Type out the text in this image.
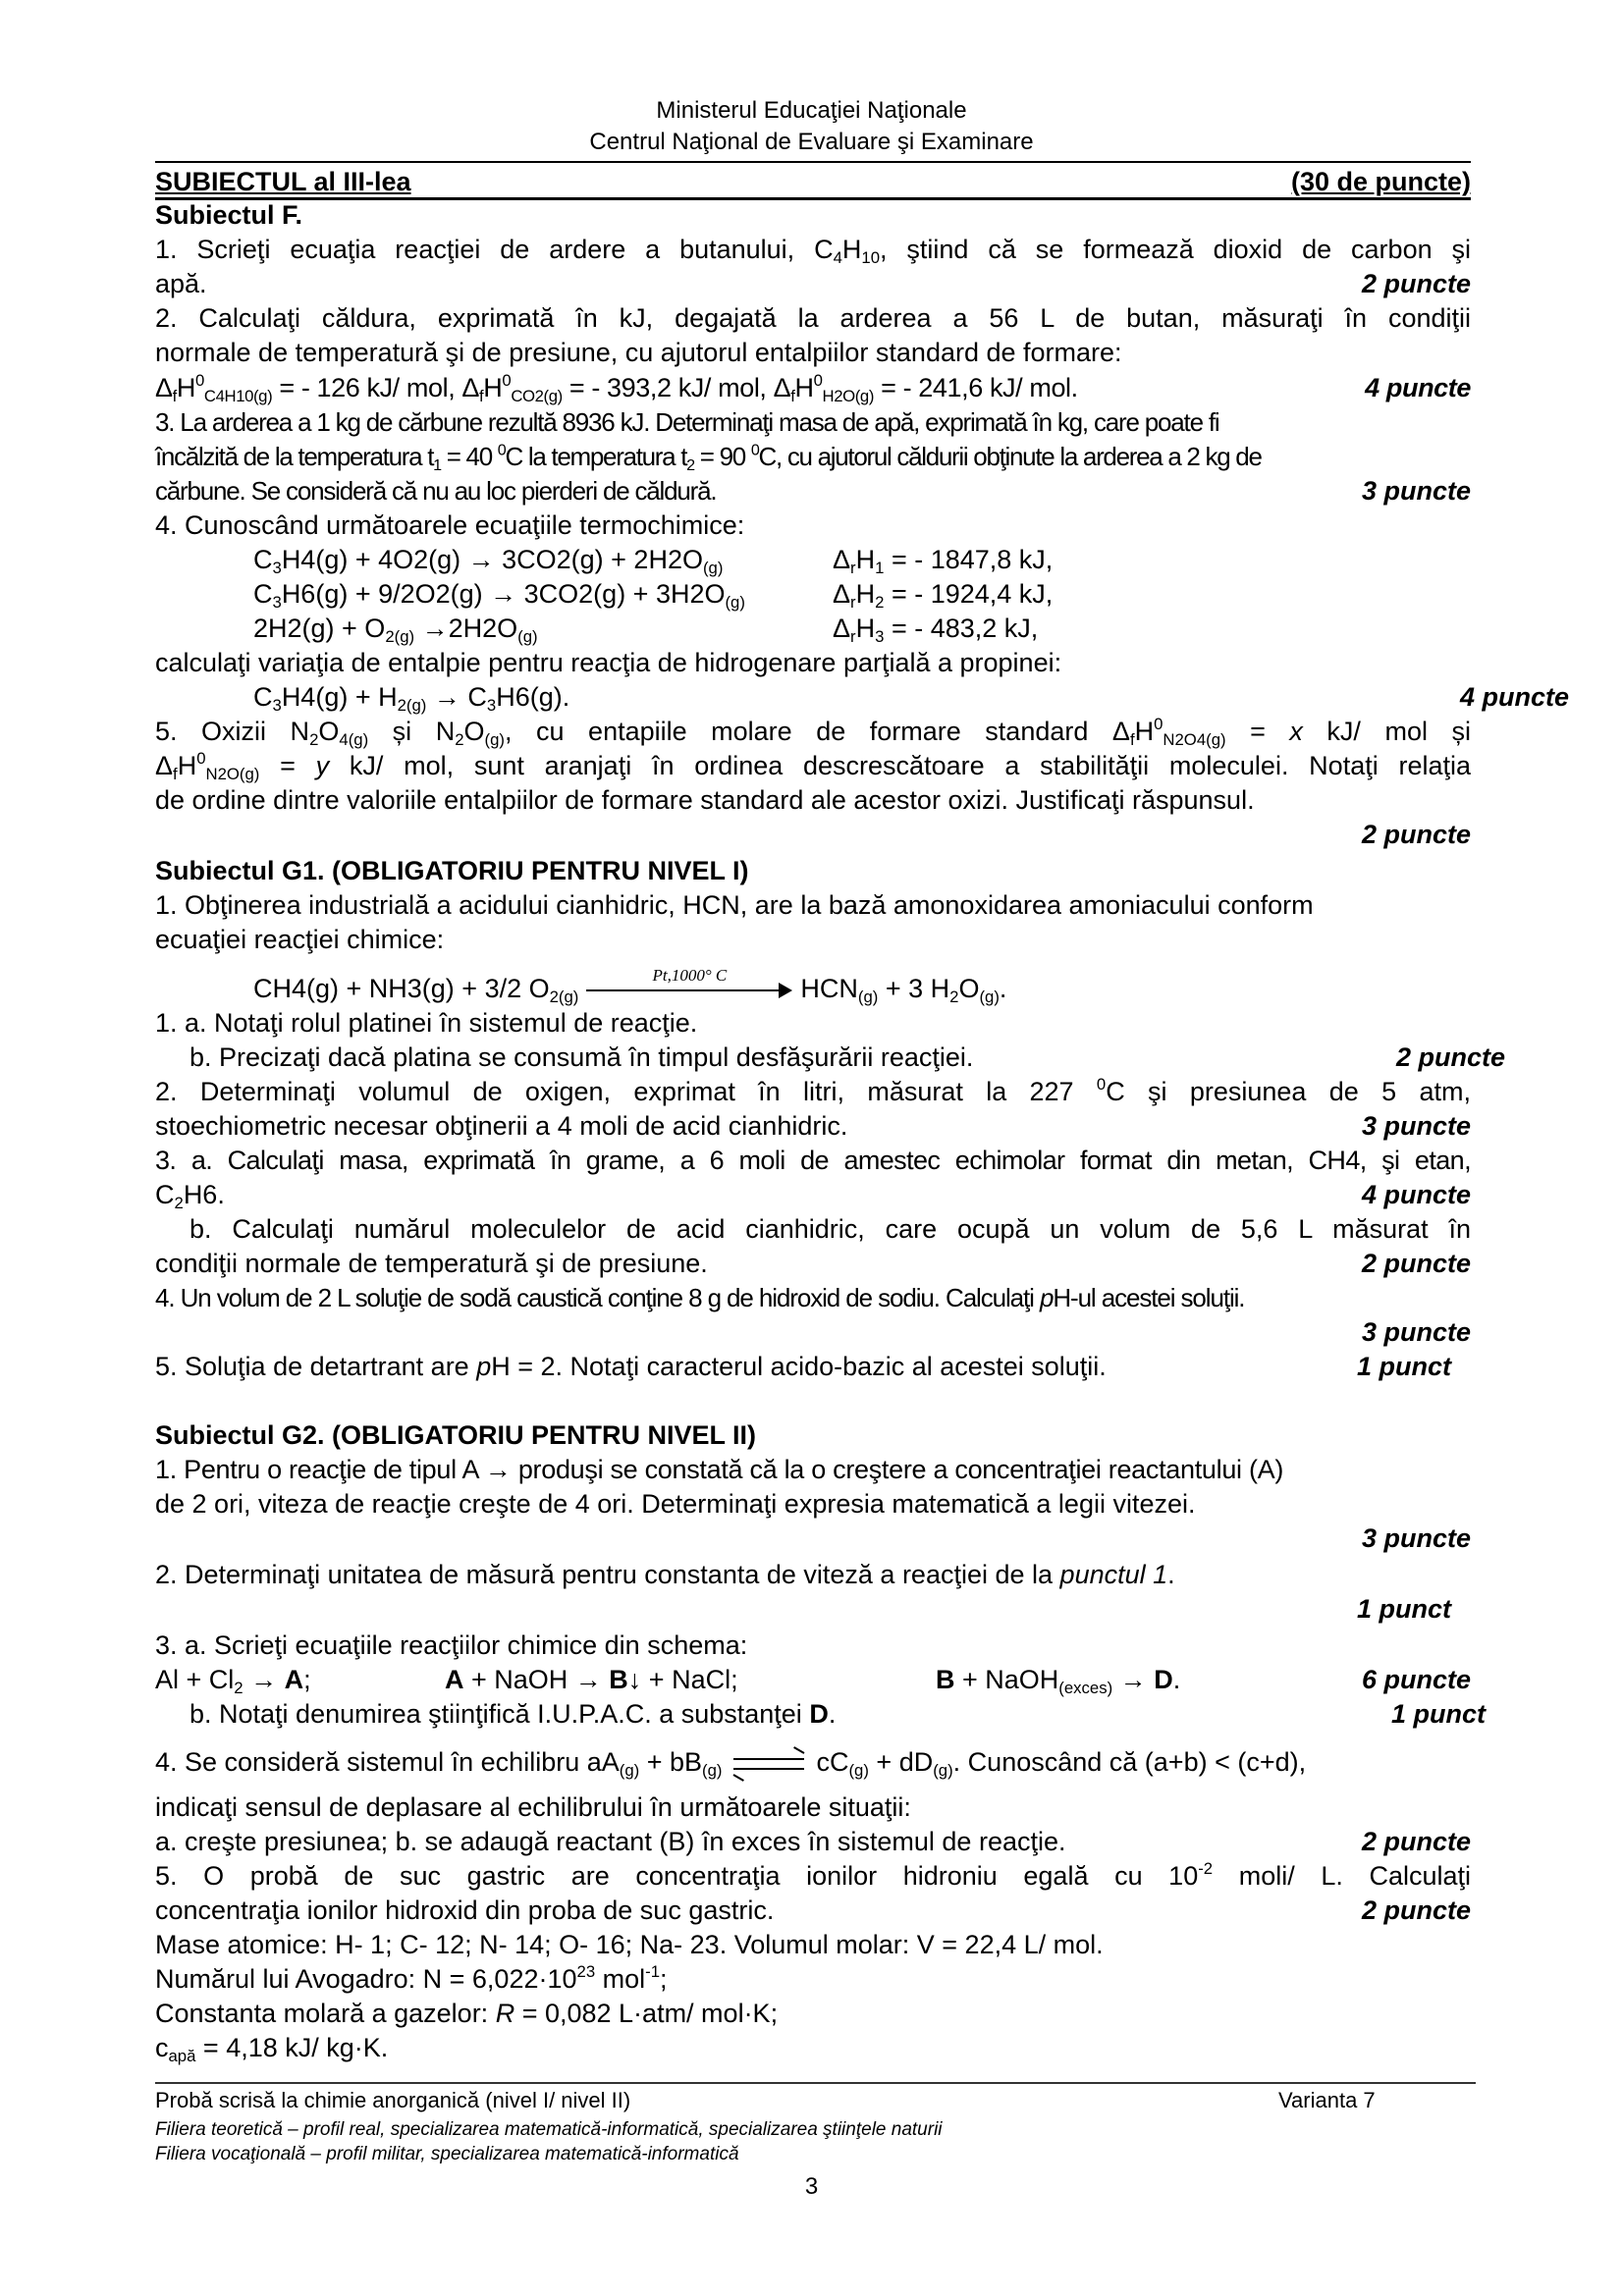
Ministerul Educaţiei Naţionale
Centrul Naţional de Evaluare şi Examinare
SUBIECTUL al III-lea	(30 de puncte)
Subiectul F.
1. Scrieţi ecuaţia reacţiei de ardere a butanului, $C_4H_{10}$, ştiind că se formează dioxid de carbon şi
apă.	2 puncte
2. Calculaţi căldura, exprimată în kJ, degajată la arderea a 56 L de butan, măsuraţi în condiţii
normale de temperatură şi de presiune, cu ajutorul entalpiilor standard de formare:
$\Delta_fH^0_{C4H10(g)}$ = - 126 kJ/ mol, $\Delta_fH^0_{CO2(g)}$ = - 393,2 kJ/ mol, $\Delta_fH^0_{H2O(g)}$ = - 241,6 kJ/ mol.	4 puncte
3. La arderea a 1 kg de cărbune rezultă 8936 kJ. Determinaţi masa de apă, exprimată în kg, care poate fi
încălzită de la temperatura $t_1 = 40$ $^0$C la temperatura $t_2 = 90$ $^0$C, cu ajutorul căldurii obţinute la arderea a 2 kg de
cărbune. Se consideră că nu au loc pierderi de căldură.	3 puncte
4. Cunoscând următoarele ecuaţiile termochimice:
$C_3H4(g) + 4O2(g) \to 3CO2(g) + 2H2O_{(g)}$	$\Delta_rH_1$ = - 1847,8 kJ,
$C_3H6(g) + 9/2O2(g) \to 3CO2(g) + 3H2O_{(g)}$	$\Delta_rH_2$ = - 1924,4 kJ,
$2H2(g) + O_{2(g)} \to 2H2O_{(g)}$	$\Delta_rH_3$ = - 483,2 kJ,
calculaţi variaţia de entalpie pentru reacţia de hidrogenare parţială a propinei:
$C_3H4(g) + H_{2(g)} \to C_3H6(g)$.	4 puncte
5. Oxizii $N_2O_{4(g)}$ și $N_2O_{(g)}$, cu entapiile molare de formare standard $\Delta_fH^0_{N2O4(g)} = x$ kJ/ mol și
$\Delta_fH^0_{N2O(g)} = y$ kJ/ mol, sunt aranjaţi în ordinea descrescătoare a stabilităţii moleculei. Notaţi relaţia
de ordine dintre valoriile entalpiilor de formare standard ale acestor oxizi. Justificaţi răspunsul.
2 puncte
Subiectul G1. (OBLIGATORIU PENTRU NIVEL I)
1. Obţinerea industrială a acidului cianhidric, HCN, are la bază amonoxidarea amoniacului conform
ecuaţiei reacţiei chimice:
CH4(g) + NH3(g) + 3/2 $O_{2(g)}$
Pt,1000° C	$HCN_{(g)} + 3$ $H_2O_{(g)}$.
1. a. Notaţi rolul platinei în sistemul de reacţie.
b. Precizaţi dacă platina se consumă în timpul desfăşurării reacţiei.	2 puncte
2. Determinaţi volumul de oxigen, exprimat în litri, măsurat la 227 $^0$C şi presiunea de 5 atm,
stoechiometric necesar obţinerii a 4 moli de acid cianhidric.	3 puncte
3. a. Calculaţi masa, exprimată în grame, a 6 moli de amestec echimolar format din metan, CH4, şi etan,
$C_2H6$.	4 puncte
b. Calculaţi numărul moleculelor de acid cianhidric, care ocupă un volum de 5,6 L măsurat în
condiţii normale de temperatură şi de presiune.	2 puncte
4. Un volum de 2 L soluţie de sodă caustică conţine 8 g de hidroxid de sodiu. Calculaţi pH-ul acestei soluţii.
3 puncte
5. Soluţia de detartrant are pH = 2. Notaţi caracterul acido-bazic al acestei soluţii.	1 punct
Subiectul G2. (OBLIGATORIU PENTRU NIVEL II)
1. Pentru o reacţie de tipul A → produşi se constată că la o creştere a concentraţiei reactantului (A)
de 2 ori, viteza de reacţie creşte de 4 ori. Determinaţi expresia matematică a legii vitezei.
3 puncte
2. Determinaţi unitatea de măsură pentru constanta de viteză a reacţiei de la punctul 1.
1 punct
3. a. Scrieţi ecuaţiile reacţiilor chimice din schema:
$Al + Cl_2 \to A$;	A + NaOH → B↓ + NaCl;	B + NaOH$_{(exces)}$ → D.	6 puncte
b. Notaţi denumirea ştiinţifică I.U.P.A.C. a substanţei D.	1 punct
4. Se consideră sistemul în echilibru $aA_{(g)} + bB_{(g)}$ ⇌ $cC_{(g)} + dD_{(g)}$. Cunoscând că (a+b) < (c+d),
indicaţi sensul de deplasare al echilibrului în următoarele situaţii:
a. creşte presiunea; b. se adaugă reactant (B) în exces în sistemul de reacţie.	2 puncte
5. O probă de suc gastric are concentraţia ionilor hidroniu egală cu $10^{-2}$ moli/ L. Calculaţi
concentraţia ionilor hidroxid din proba de suc gastric.	2 puncte
Mase atomice: H- 1; C- 12; N- 14; O- 16; Na- 23. Volumul molar: V = 22,4 L/ mol.
Numărul lui Avogadro: $N = 6,022\cdot 10^{23}$ mol$^{-1}$;
Constanta molară a gazelor: R = 0,082 L·atm/ mol·K;
$c_{apă} = 4,18$ kJ/ kg·K.
Probă scrisă la chimie anorganică (nivel I/ nivel II)	Varianta 7
Filiera teoretică – profil real, specializarea matematică-informatică, specializarea ştiinţele naturii
Filiera vocaţională – profil militar, specializarea matematică-informatică
3
